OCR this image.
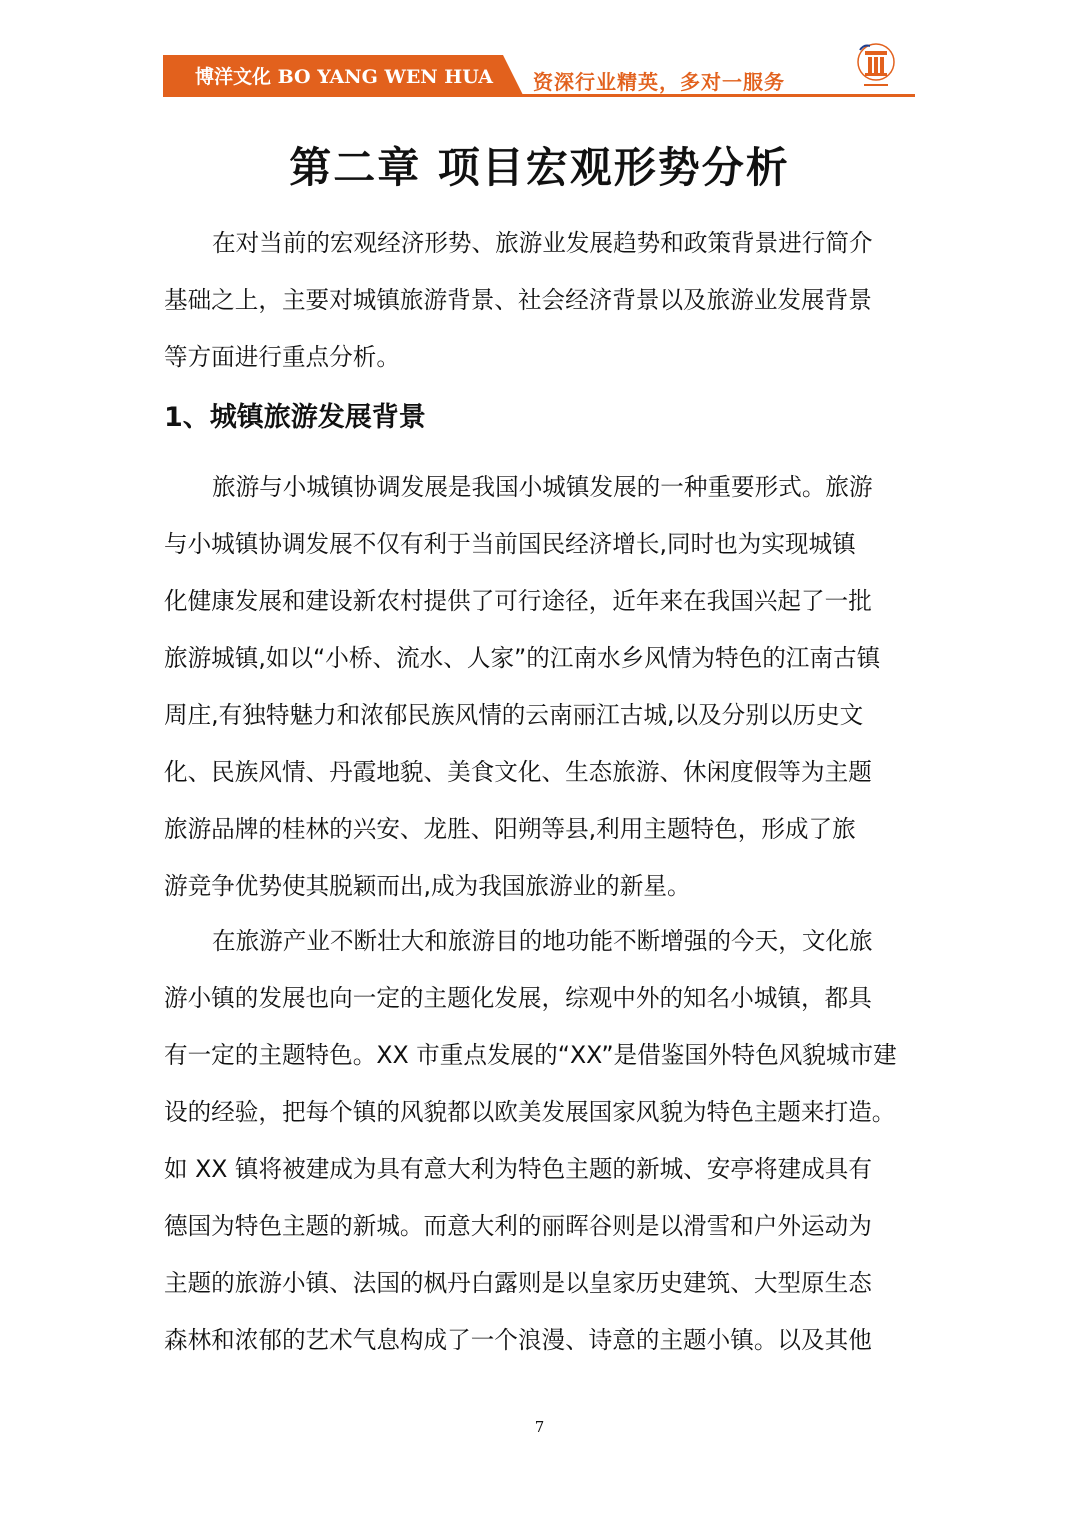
博洋文化 BO YANG WEN HUA 资深行业精英，多对一服务
第二章 项目宏观形势分析
在对当前的宏观经济形势、旅游业发展趋势和政策背景进行简介
基础之上，主要对城镇旅游背景、社会经济背景以及旅游业发展背景
等方面进行重点分析。
1、城镇旅游发展背景
旅游与小城镇协调发展是我国小城镇发展的一种重要形式。旅游
与小城镇协调发展不仅有利于当前国民经济增长,同时也为实现城镇
化健康发展和建设新农村提供了可行途径，近年来在我国兴起了一批
旅游城镇,如以“小桥、流水、人家”的江南水乡风情为特色的江南古镇
周庄,有独特魅力和浓郁民族风情的云南丽江古城,以及分别以历史文
化、民族风情、丹霞地貌、美食文化、生态旅游、休闲度假等为主题
旅游品牌的桂林的兴安、龙胜、阳朔等县,利用主题特色，形成了旅
游竞争优势使其脱颖而出,成为我国旅游业的新星。
在旅游产业不断壮大和旅游目的地功能不断增强的今天，文化旅
游小镇的发展也向一定的主题化发展，综观中外的知名小城镇，都具
有一定的主题特色。XX 市重点发展的“XX”是借鉴国外特色风貌城市建
设的经验，把每个镇的风貌都以欧美发展国家风貌为特色主题来打造。
如 XX 镇将被建成为具有意大利为特色主题的新城、安亭将建成具有
德国为特色主题的新城。而意大利的丽晖谷则是以滑雪和户外运动为
主题的旅游小镇、法国的枫丹白露则是以皇家历史建筑、大型原生态
森林和浓郁的艺术气息构成了一个浪漫、诗意的主题小镇。以及其他
7
